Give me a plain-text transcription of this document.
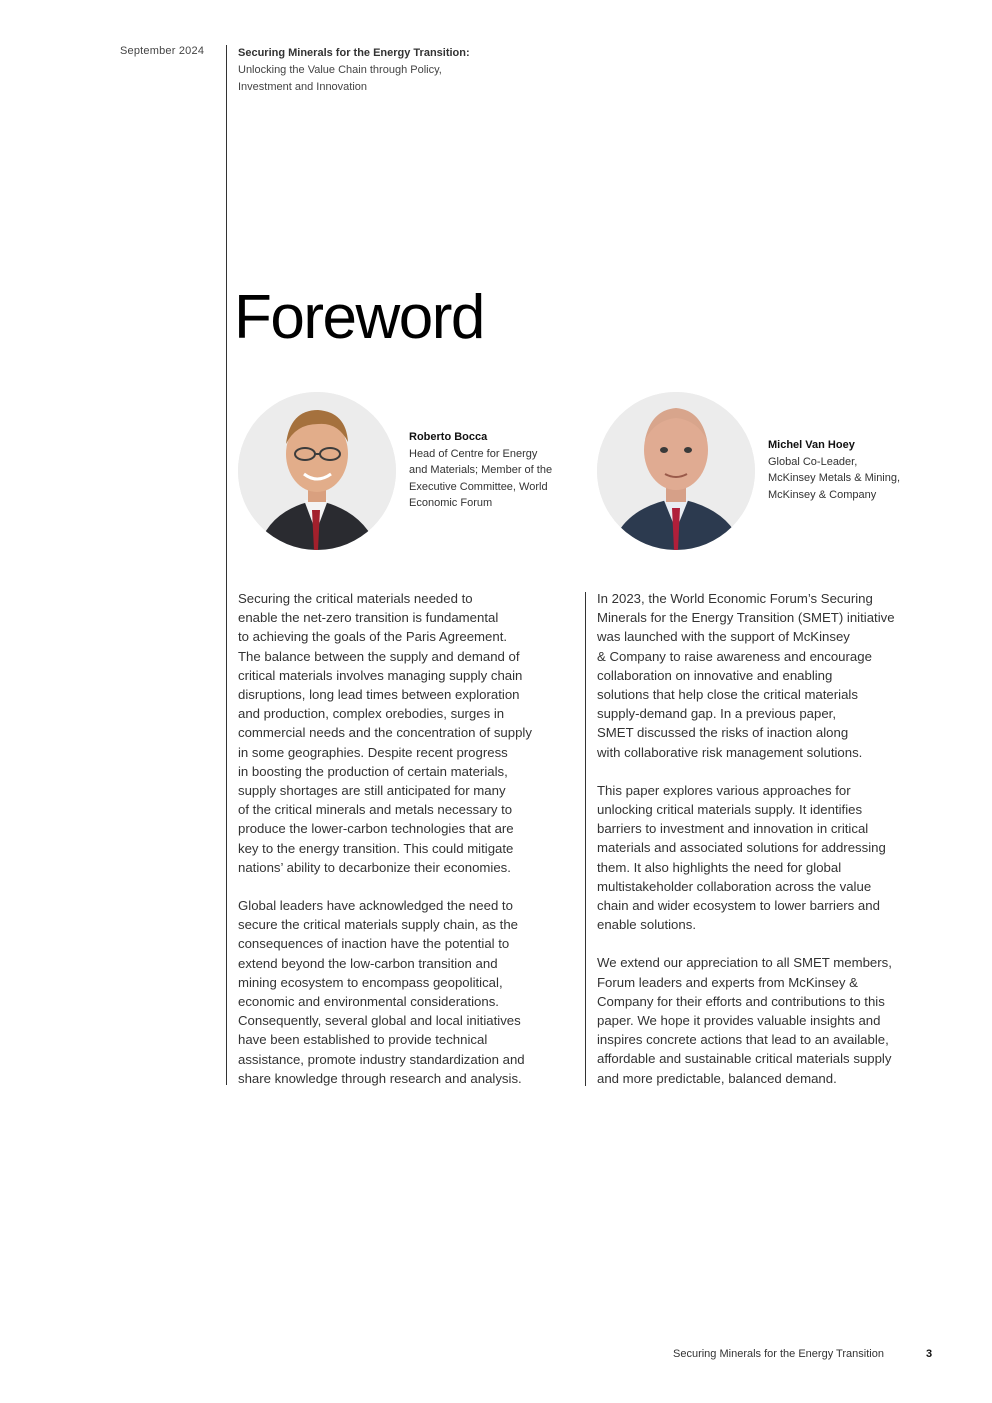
September 2024	Securing Minerals for the Energy Transition:
Unlocking the Value Chain through Policy,
Investment and Innovation
Foreword
Roberto Bocca
Head of Centre for Energy
and Materials; Member of the
Executive Committee, World
Economic Forum
Michel Van Hoey
Global Co-Leader,
McKinsey Metals & Mining,
McKinsey & Company

Securing the critical materials needed to
enable the net-zero transition is fundamental
to achieving the goals of the Paris Agreement.
The balance between the supply and demand of
critical materials involves managing supply chain
disruptions, long lead times between exploration
and production, complex orebodies, surges in
commercial needs and the concentration of supply
in some geographies. Despite recent progress
in boosting the production of certain materials,
supply shortages are still anticipated for many
of the critical minerals and metals necessary to
produce the lower-carbon technologies that are
key to the energy transition. This could mitigate
nations’ ability to decarbonize their economies.

Global leaders have acknowledged the need to
secure the critical materials supply chain, as the
consequences of inaction have the potential to
extend beyond the low-carbon transition and
mining ecosystem to encompass geopolitical,
economic and environmental considerations.
Consequently, several global and local initiatives
have been established to provide technical
assistance, promote industry standardization and
share knowledge through research and analysis.

In 2023, the World Economic Forum’s Securing
Minerals for the Energy Transition (SMET) initiative
was launched with the support of McKinsey
& Company to raise awareness and encourage
collaboration on innovative and enabling
solutions that help close the critical materials
supply-demand gap. In a previous paper,
SMET discussed the risks of inaction along
with collaborative risk management solutions.

This paper explores various approaches for
unlocking critical materials supply. It identifies
barriers to investment and innovation in critical
materials and associated solutions for addressing
them. It also highlights the need for global
multistakeholder collaboration across the value
chain and wider ecosystem to lower barriers and
enable solutions.

We extend our appreciation to all SMET members,
Forum leaders and experts from McKinsey &
Company for their efforts and contributions to this
paper. We hope it provides valuable insights and
inspires concrete actions that lead to an available,
affordable and sustainable critical materials supply
and more predictable, balanced demand.

Securing Minerals for the Energy Transition	3
